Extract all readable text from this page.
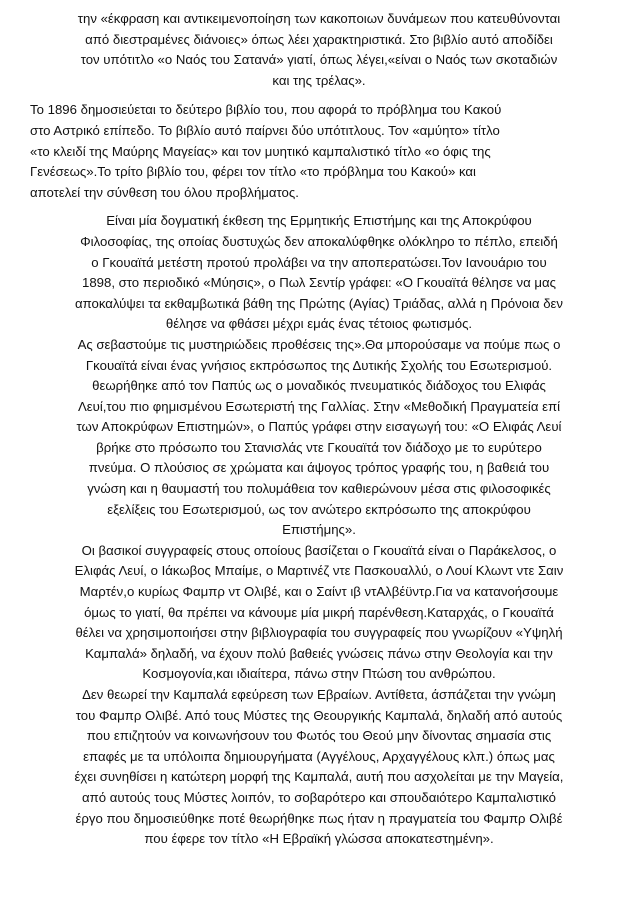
την «έκφραση και αντικειμενοποίηση των κακοποιων δυνάμεων που κατευθύνονται
από διεστραμένες διάνοιες» όπως λέει χαρακτηριστικά. Στο βιβλίο αυτό αποδίδει
τον υπότιτλο «ο Ναός του Σατανά» γιατί, όπως λέγει,«είναι ο Ναός των σκοταδιών
και της τρέλας».
Το 1896 δημοσιεύεται το δεύτερο βιβλίο του, που αφορά το πρόβλημα του Κακού
στο Αστρικό επίπεδο. Το βιβλίο αυτό παίρνει δύο υπότιτλους. Τον «αμύητο» τίτλο
«το κλειδί της Μαύρης Μαγείας» και τον μυητικό καμπαλιστικό τίτλο «ο όφις της
Γενέσεως».Το τρίτο βιβλίο του, φέρει τον τίτλο «το πρόβλημα του Κακού» και
αποτελεί την σύνθεση του όλου προβλήματος.
Είναι μία δογματική έκθεση της Ερμητικής Επιστήμης και της Αποκρύφου
Φιλοσοφίας, της οποίας δυστυχώς δεν αποκαλύφθηκε ολόκληρο το πέπλο, επειδή
ο Γκουαϊτά μετέστη προτού προλάβει να την αποπερατώσει.Τον Ιανουάριο του
1898, στο περιοδικό «Μύησις», ο Πωλ Σεντίρ γράφει: «Ο Γκουαϊτά θέλησε να μας
αποκαλύψει τα εκθαμβωτικά βάθη της Πρώτης (Αγίας) Τριάδας, αλλά η Πρόνοια δεν
θέλησε να φθάσει μέχρι εμάς ένας τέτοιος φωτισμός.
Ας σεβαστούμε τις μυστηριώδεις προθέσεις της».Θα μπορούσαμε να πούμε πως ο
Γκουαϊτά είναι ένας γνήσιος εκπρόσωπος της Δυτικής Σχολής του Εσωτερισμού.
θεωρήθηκε από τον Παπύς ως ο μοναδικός πνευματικός διάδοχος του Ελιφάς
Λευί,του πιο φημισμένου Εσωτεριστή της Γαλλίας. Στην «Μεθοδική Πραγματεία επί
των Αποκρύφων Επιστημών», ο Παπύς γράφει στην εισαγωγή του: «Ο Ελιφάς Λευί
βρήκε στο πρόσωπο του Στανισλάς ντε Γκουαϊτά τον διάδοχο με το ευρύτερο
πνεύμα. Ο πλούσιος σε χρώματα και άψογος τρόπος γραφής του, η βαθειά του
γνώση και η θαυμαστή του πολυμάθεια τον καθιερώνουν μέσα στις φιλοσοφικές
εξελίξεις του Εσωτερισμού, ως τον ανώτερο εκπρόσωπο της αποκρύφου
Επιστήμης».
Οι βασικοί συγγραφείς στους οποίους βασίζεται ο Γκουαϊτά είναι ο Παράκελσος, ο
Ελιφάς Λευί, ο Ιάκωβος Μπαίμε, ο Μαρτινέζ ντε Πασκουαλλύ, ο Λουί Κλωντ ντε Σαιν
Μαρτέν,ο κυρίως Φαμπρ ντ Ολιβέ, και ο Σαίντ ιβ ντΑλβέϋντρ.Για να κατανοήσουμε
όμως το γιατί, θα πρέπει να κάνουμε μία μικρή παρένθεση.Καταρχάς, ο Γκουαϊτά
θέλει να χρησιμοποιήσει στην βιβλιογραφία του συγγραφείς που γνωρίζουν «Υψηλή
Καμπαλά» δηλαδή, να έχουν πολύ βαθειές γνώσεις πάνω στην Θεολογία και την
Κοσμογονία,και ιδιαίτερα, πάνω στην Πτώση του ανθρώπου.
Δεν θεωρεί την Καμπαλά εφεύρεση των Εβραίων. Αντίθετα, άσπάζεται την γνώμη
του Φαμπρ Ολιβέ. Από τους Μύστες της Θεουργικής Καμπαλά, δηλαδή από αυτούς
που επιζητούν να κοινωνήσουν του Φωτός του Θεού μην δίνοντας σημασία στις
επαφές με τα υπόλοιπα δημιουργήματα (Αγγέλους, Αρχαγγέλους κλπ.) όπως μας
έχει συνηθίσει η κατώτερη μορφή της Καμπαλά, αυτή που ασχολείται με την Μαγεία,
από αυτούς τους Μύστες λοιπόν, το σοβαρότερο και σπουδαιότερο Καμπαλιστικό
έργο που δημοσιεύθηκε ποτέ θεωρήθηκε πως ήταν η πραγματεία του Φαμπρ Ολιβέ
που έφερε τον τίτλο «Η Εβραϊκή γλώσσα αποκατεστημένη».
